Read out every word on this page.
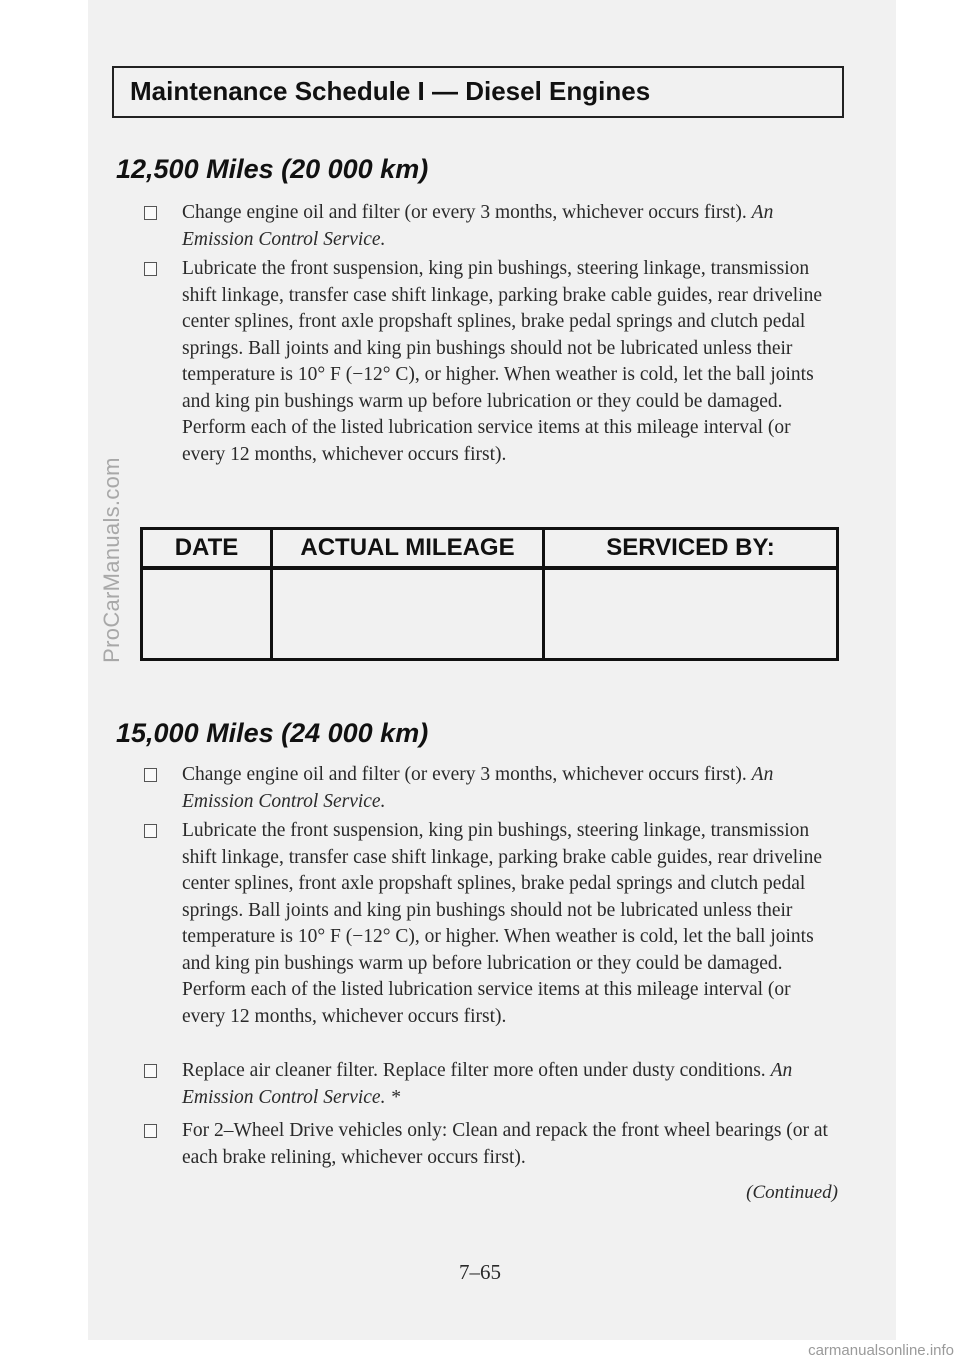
ProCarManuals.com
Maintenance Schedule I — Diesel Engines
12,500 Miles (20 000 km)
Change engine oil and filter (or every 3 months, whichever occurs first). An Emission Control Service.
Lubricate the front suspension, king pin bushings, steering linkage, transmission shift linkage, transfer case shift linkage, parking brake cable guides, rear driveline center splines, front axle propshaft splines, brake pedal springs and clutch pedal springs. Ball joints and king pin bushings should not be lubricated unless their temperature is 10° F (−12° C), or higher. When weather is cold, let the ball joints and king pin bushings warm up before lubrication or they could be damaged. Perform each of the listed lubrication service items at this mileage interval (or every 12 months, whichever occurs first).
DATE	ACTUAL MILEAGE	SERVICED BY:

15,000 Miles (24 000 km)
Change engine oil and filter (or every 3 months, whichever occurs first). An Emission Control Service.
Lubricate the front suspension, king pin bushings, steering linkage, transmission shift linkage, transfer case shift linkage, parking brake cable guides, rear driveline center splines, front axle propshaft splines, brake pedal springs and clutch pedal springs. Ball joints and king pin bushings should not be lubricated unless their temperature is 10° F (−12° C), or higher. When weather is cold, let the ball joints and king pin bushings warm up before lubrication or they could be damaged. Perform each of the listed lubrication service items at this mileage interval (or every 12 months, whichever occurs first).
Replace air cleaner filter. Replace filter more often under dusty conditions. An Emission Control Service. *
For 2–Wheel Drive vehicles only: Clean and repack the front wheel bearings (or at each brake relining, whichever occurs first).
(Continued)
7–65
carmanualsonline.info
